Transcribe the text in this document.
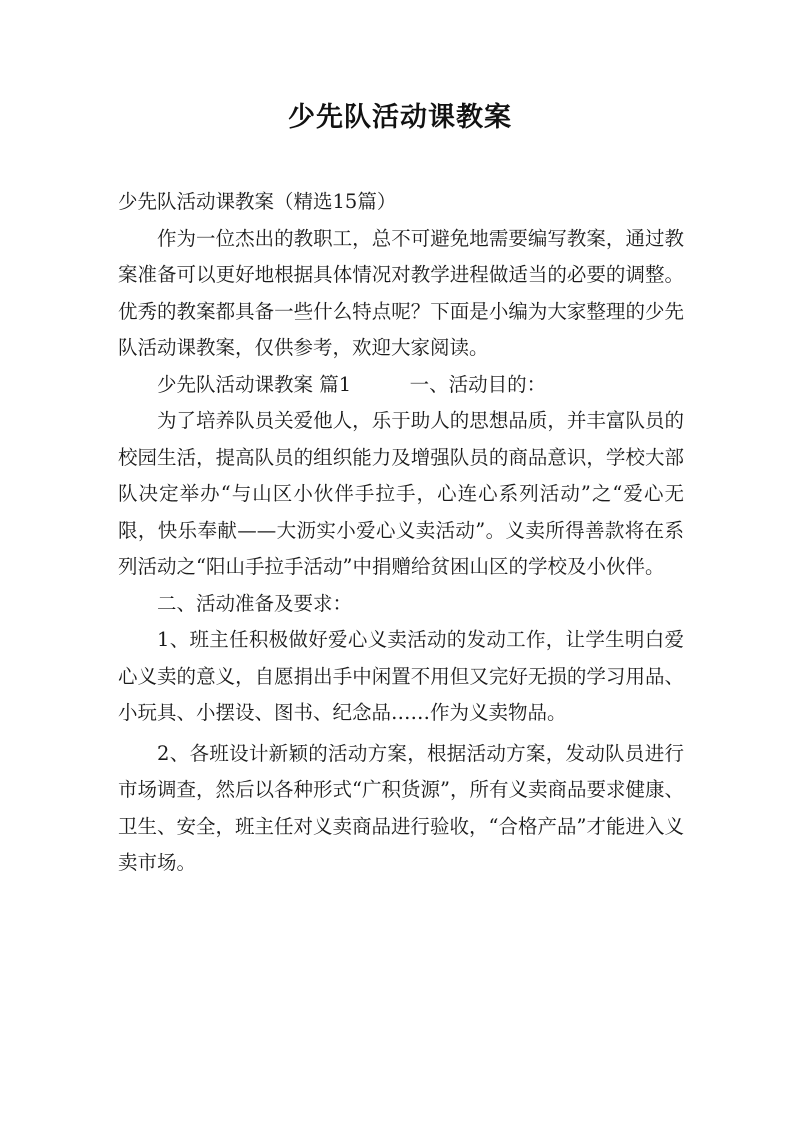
少先队活动课教案

少先队活动课教案（精选15篇）

作为一位杰出的教职工，总不可避免地需要编写教案，通过教案准备可以更好地根据具体情况对教学进程做适当的必要的调整。优秀的教案都具备一些什么特点呢？下面是小编为大家整理的少先队活动课教案，仅供参考，欢迎大家阅读。

少先队活动课教案 篇1　　　一、活动目的：

为了培养队员关爱他人，乐于助人的思想品质，并丰富队员的校园生活，提高队员的组织能力及增强队员的商品意识，学校大部队决定举办“与山区小伙伴手拉手，心连心系列活动”之“爱心无限，快乐奉献——大沥实小爱心义卖活动”。义卖所得善款将在系列活动之“阳山手拉手活动”中捐赠给贫困山区的学校及小伙伴。

二、活动准备及要求：

1、班主任积极做好爱心义卖活动的发动工作，让学生明白爱心义卖的意义，自愿捐出手中闲置不用但又完好无损的学习用品、小玩具、小摆设、图书、纪念品……作为义卖物品。

2、各班设计新颖的活动方案，根据活动方案，发动队员进行市场调查，然后以各种形式“广积货源”，所有义卖商品要求健康、卫生、安全，班主任对义卖商品进行验收，“合格产品”才能进入义卖市场。
